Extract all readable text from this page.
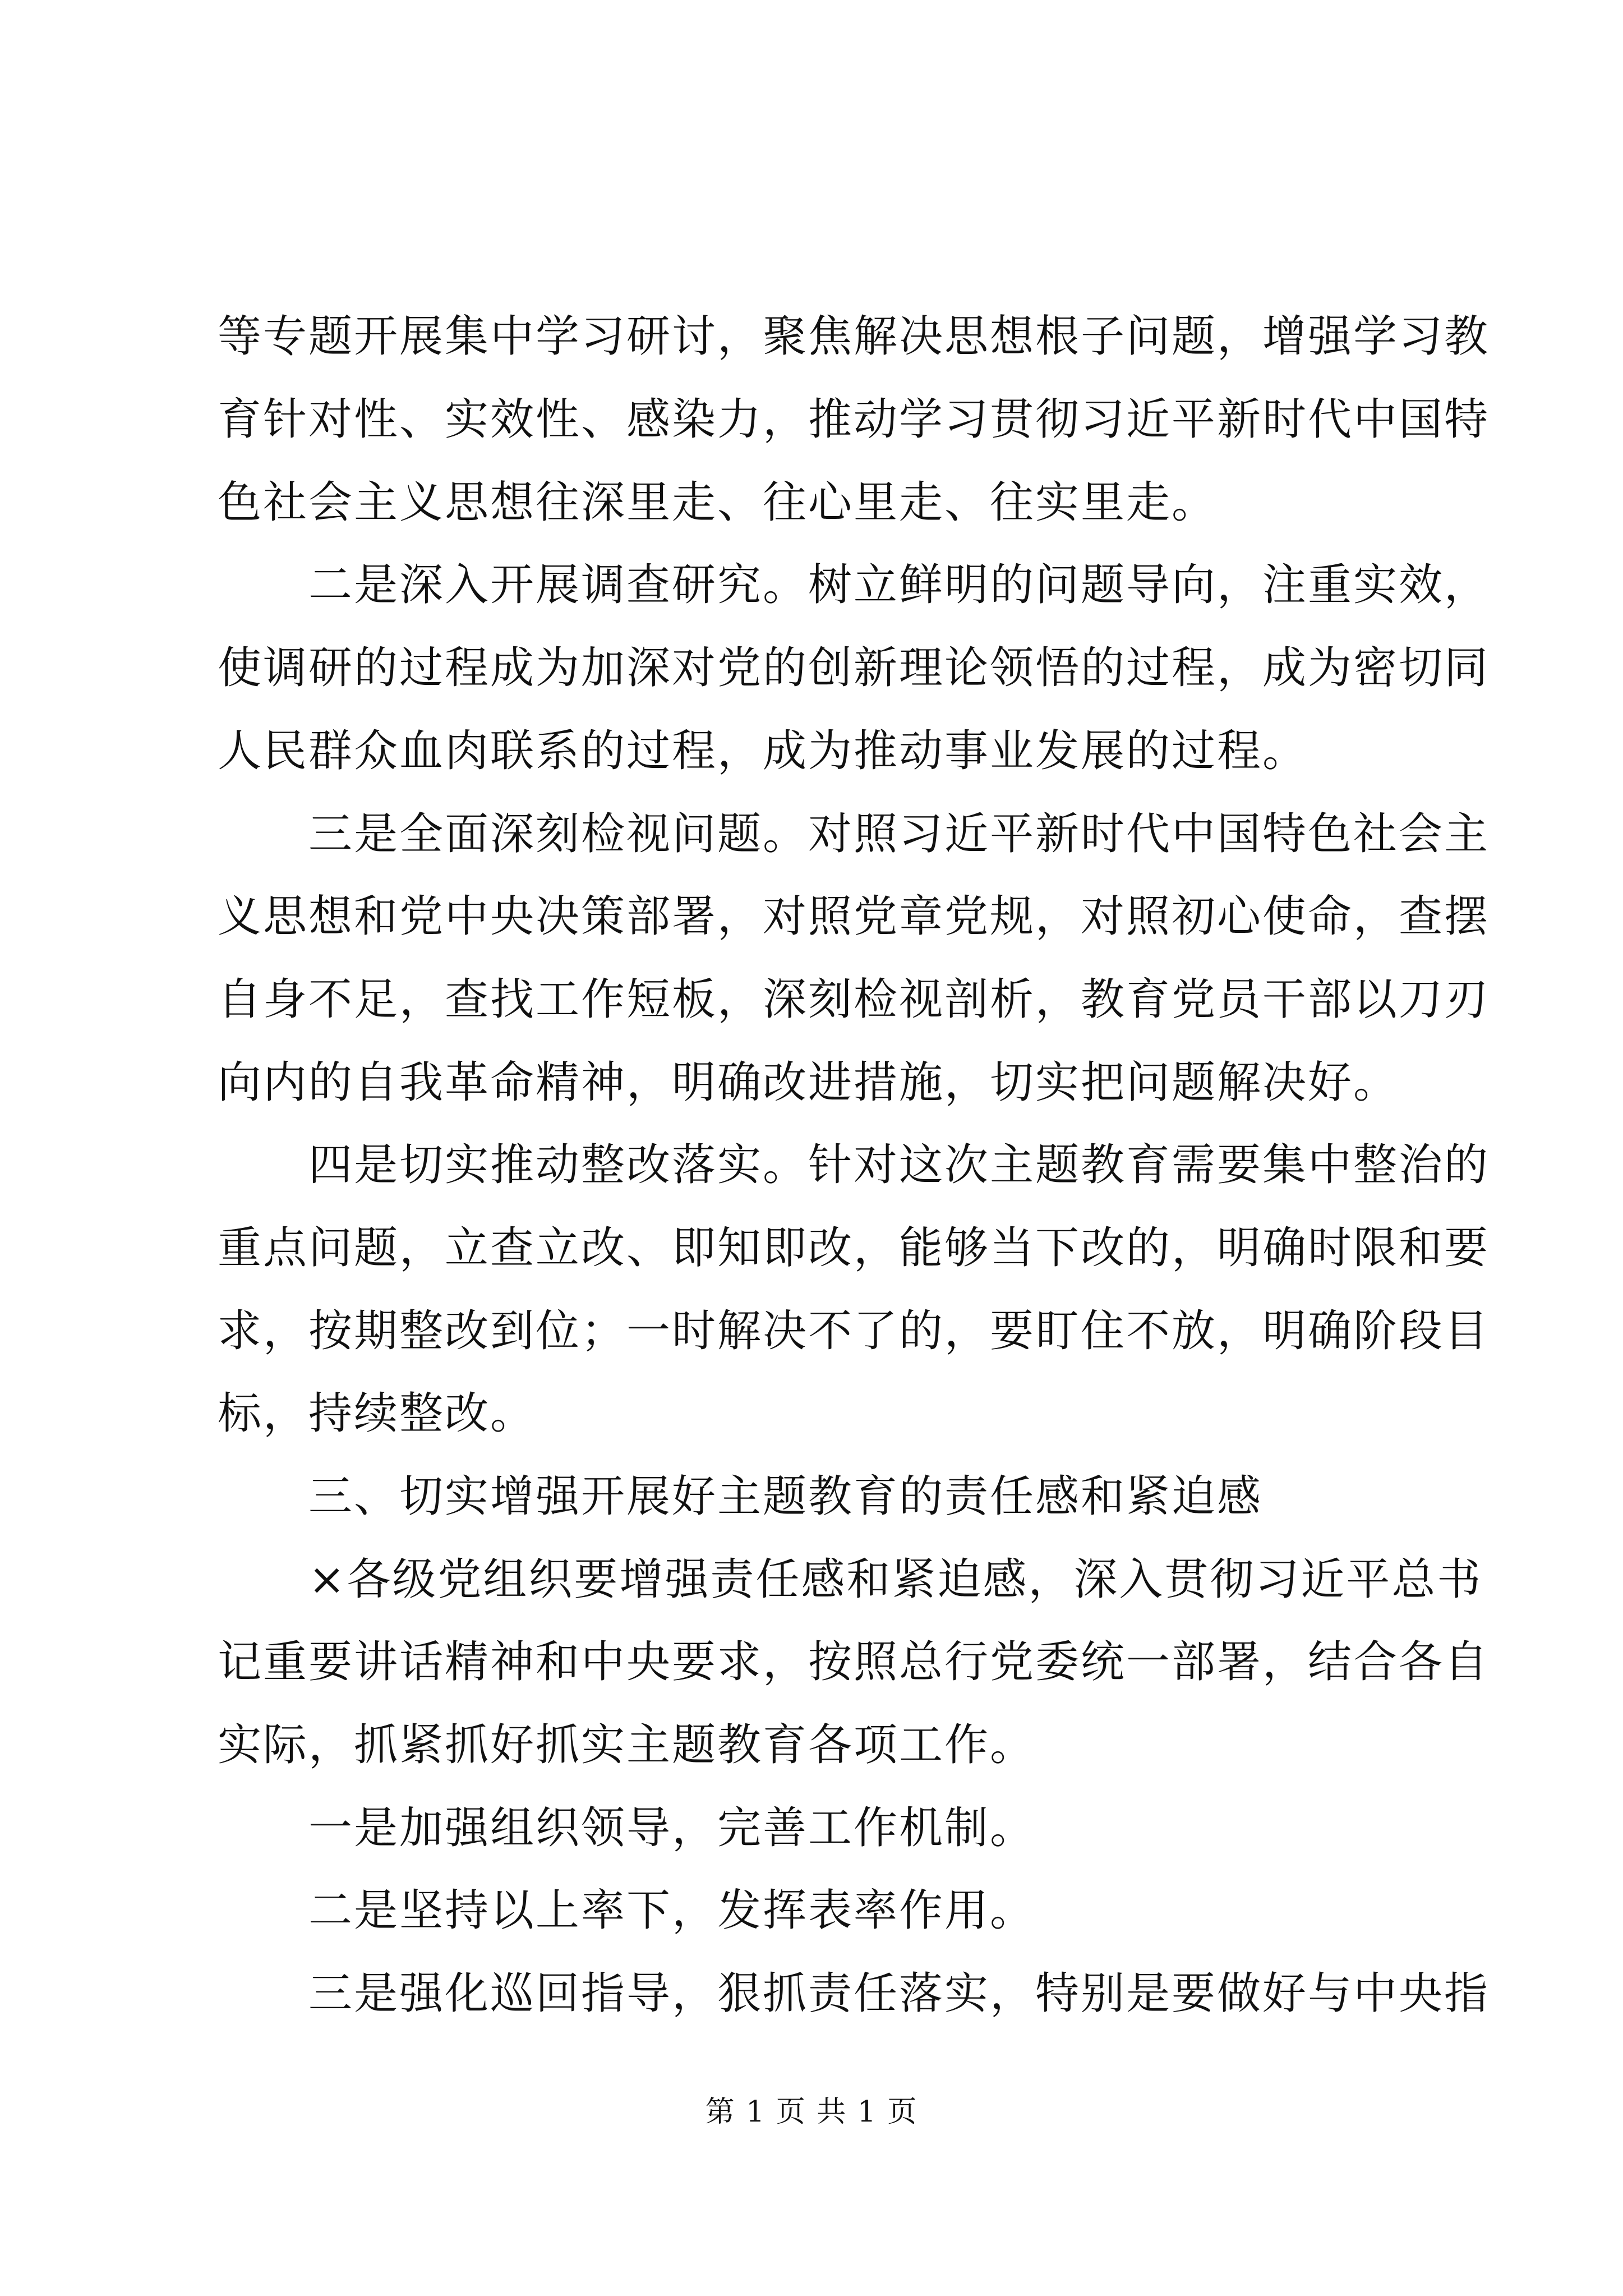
等专题开展集中学习研讨，聚焦解决思想根子问题，增强学习教
育针对性、实效性、感染力，推动学习贯彻习近平新时代中国特
色社会主义思想往深里走、往心里走、往实里走。
　　二是深入开展调查研究。树立鲜明的问题导向，注重实效，
使调研的过程成为加深对党的创新理论领悟的过程，成为密切同
人民群众血肉联系的过程，成为推动事业发展的过程。
　　三是全面深刻检视问题。对照习近平新时代中国特色社会主
义思想和党中央决策部署，对照党章党规，对照初心使命，查摆
自身不足，查找工作短板，深刻检视剖析，教育党员干部以刀刃
向内的自我革命精神，明确改进措施，切实把问题解决好。
　　四是切实推动整改落实。针对这次主题教育需要集中整治的
重点问题，立查立改、即知即改，能够当下改的，明确时限和要
求，按期整改到位；一时解决不了的，要盯住不放，明确阶段目
标，持续整改。
　　三、切实增强开展好主题教育的责任感和紧迫感
　　×各级党组织要增强责任感和紧迫感，深入贯彻习近平总书
记重要讲话精神和中央要求，按照总行党委统一部署，结合各自
实际，抓紧抓好抓实主题教育各项工作。
　　一是加强组织领导，完善工作机制。
　　二是坚持以上率下，发挥表率作用。
　　三是强化巡回指导，狠抓责任落实，特别是要做好与中央指
第 1 页 共 1 页
